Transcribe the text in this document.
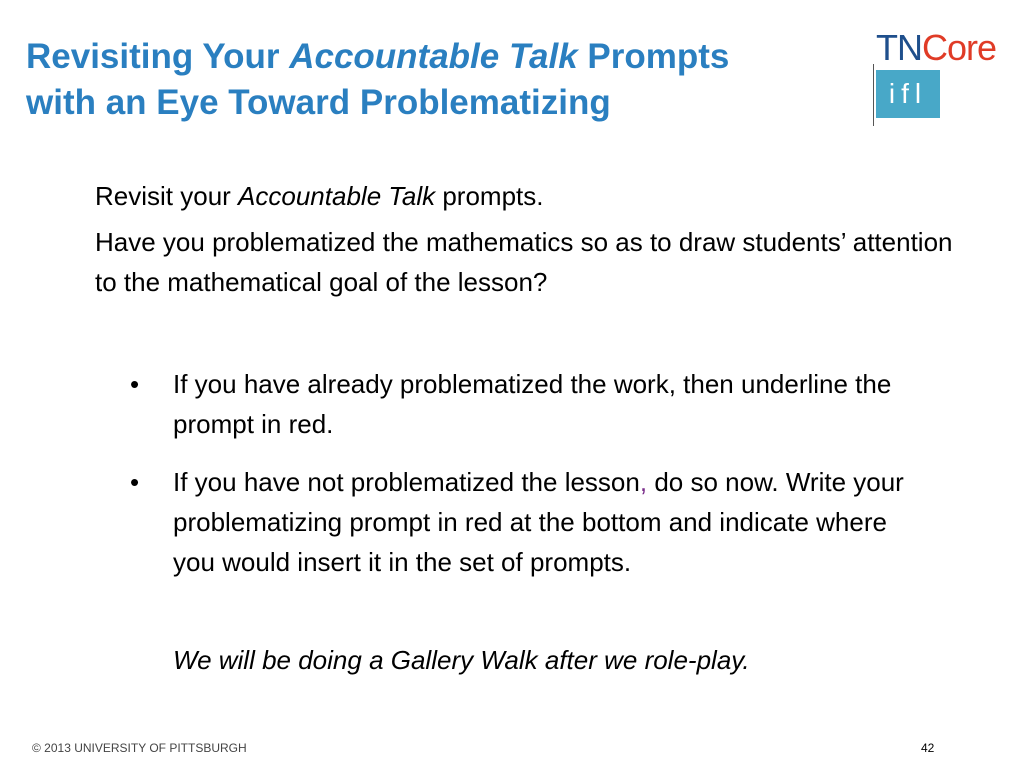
Revisiting Your Accountable Talk Prompts
with an Eye Toward Problematizing
TNCore
ifl

Revisit your Accountable Talk prompts.

Have you problematized the mathematics so as to draw students’ attention to the mathematical goal of the lesson?

• If you have already problematized the work, then underline the prompt in red.
• If you have not problematized the lesson, do so now. Write your problematizing prompt in red at the bottom and indicate where you would insert it in the set of prompts.

We will be doing a Gallery Walk after we role-play.

© 2013 UNIVERSITY OF PITTSBURGH	42
